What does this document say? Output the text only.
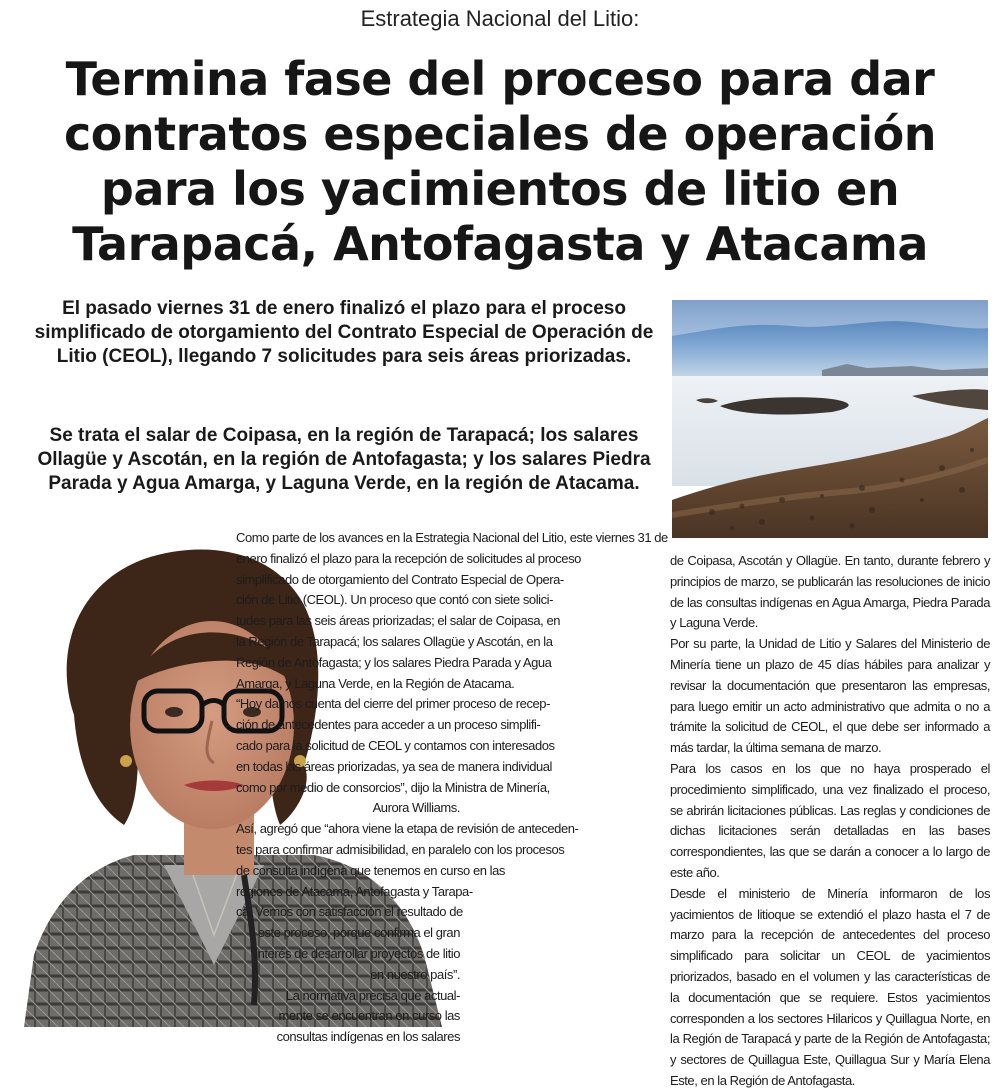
Estrategia Nacional del Litio:
Termina fase del proceso para dar
contratos especiales de operación
para los yacimientos de litio en
Tarapacá, Antofagasta y Atacama

El pasado viernes 31 de enero finalizó el plazo para el proceso simplificado de otorgamiento del Contrato Especial de Operación de Litio (CEOL), llegando 7 solicitudes para seis áreas priorizadas.

Se trata el salar de Coipasa, en la región de Tarapacá; los salares Ollagüe y Ascotán, en la región de Antofagasta; y los salares Piedra Parada y Agua Amarga, y Laguna Verde, en la región de Atacama.

Como parte de los avances en la Estrategia Nacional del Litio, este viernes 31 de
enero finalizó el plazo para la recepción de solicitudes al proceso
simplificado de otorgamiento del Contrato Especial de Opera-
ción de Litio (CEOL). Un proceso que contó con siete solici-
tudes para las seis áreas priorizadas; el salar de Coipasa, en
la Región de Tarapacá; los salares Ollagüe y Ascotán, en la
Región de Antofagasta; y los salares Piedra Parada y Agua
Amarga, y Laguna Verde, en la Región de Atacama.
“Hoy damos cuenta del cierre del primer proceso de recep-
ción de antecedentes para acceder a un proceso simplifi-
cado para la solicitud de CEOL y contamos con interesados
en todas las áreas priorizadas, ya sea de manera individual
como por medio de consorcios”, dijo la Ministra de Minería,
Aurora Williams.
Así, agregó que “ahora viene la etapa de revisión de anteceden-
tes para confirmar admisibilidad, en paralelo con los procesos
de consulta indígena que tenemos en curso en las
regiones de Atacama, Antofagasta y Tarapa-
cá. Vemos con satisfacción el resultado de
este proceso, porque confirma el gran
interés de desarrollar proyectos de litio
en nuestro país”.
La normativa precisa que actual-
mente se encuentran en curso las
consultas indígenas en los salares
de Coipasa, Ascotán y Ollagüe. En tanto, durante febrero y principios de marzo, se publicarán las resoluciones de inicio de las consultas indígenas en Agua Amarga, Piedra Parada y Laguna Verde.
Por su parte, la Unidad de Litio y Salares del Ministerio de Minería tiene un plazo de 45 días hábiles para analizar y revisar la documentación que presentaron las empresas, para luego emitir un acto administrativo que admita o no a trámite la solicitud de CEOL, el que debe ser informado a más tardar, la última semana de marzo.
Para los casos en los que no haya prosperado el procedimiento simplificado, una vez finalizado el proceso, se abrirán licitaciones públicas. Las reglas y condiciones de dichas licitaciones serán detalladas en las bases correspondientes, las que se darán a conocer a lo largo de este año.
Desde el ministerio de Minería informaron de los yacimientos de litioque se extendió el plazo hasta el 7 de marzo para la recepción de antecedentes del proceso simplificado para solicitar un CEOL de yacimientos priorizados, basado en el volumen y las características de la documentación que se requiere. Estos yacimientos corresponden a los sectores Hilaricos y Quillagua Norte, en la Región de Tarapacá y parte de la Región de Antofagasta; y sectores de Quillagua Este, Quillagua Sur y María Elena Este, en la Región de Antofagasta.
